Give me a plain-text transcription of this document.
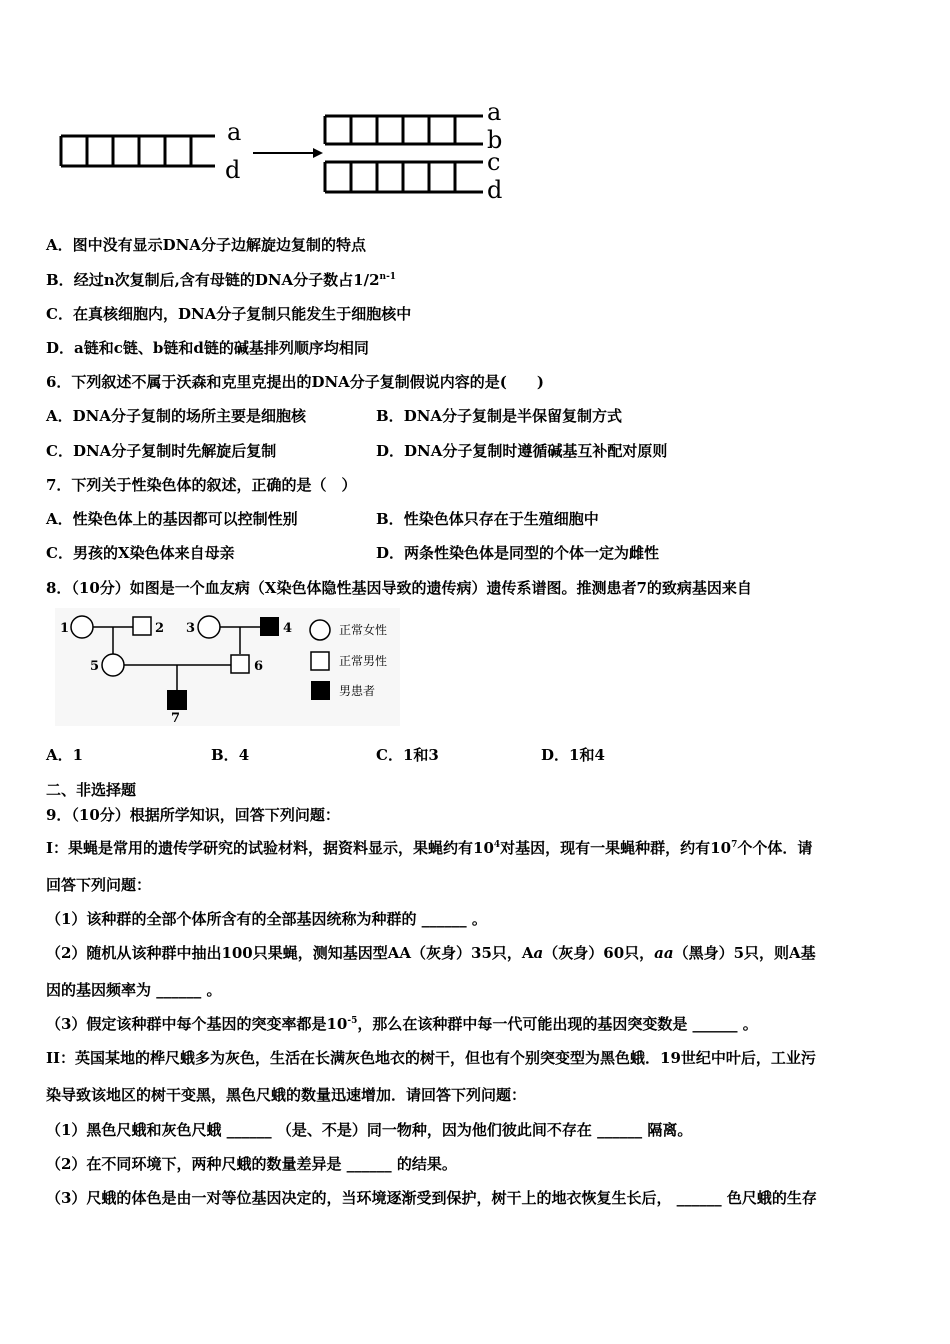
a
d
a
b
c
d
A．图中没有显示DNA分子边解旋边复制的特点
B．经过n次复制后,含有母链的DNA分子数占1/2$^{n-1}$
C．在真核细胞内，DNA分子复制只能发生于细胞核中
D．a链和c链、b链和d链的碱基排列顺序均相同
6．下列叙述不属于沃森和克里克提出的DNA分子复制假说内容的是(　　)
A．DNA分子复制的场所主要是细胞核	B．DNA分子复制是半保留复制方式
C．DNA分子复制时先解旋后复制	D．DNA分子复制时遵循碱基互补配对原则
7．下列关于性染色体的叙述，正确的是（　）
A．性染色体上的基因都可以控制性别	B．性染色体只存在于生殖细胞中
C．男孩的X染色体来自母亲	D．两条性染色体是同型的个体一定为雌性
8．（10分）如图是一个血友病（X染色体隐性基因导致的遗传病）遗传系谱图。推测患者7的致病基因来自
1	2 3	4
5	6
7
正常女性
正常男性
男患者
A．1	B．4	C．1和3	D．1和4
二、非选择题
9．（10分）根据所学知识，回答下列问题：
I：果蝇是常用的遗传学研究的试验材料，据资料显示，果蝇约有$10^4$对基因，现有一果蝇种群，约有$10^7$个个体．请
回答下列问题：
（1）该种群的全部个体所含有的全部基因统称为种群的 ______ 。
（2）随机从该种群中抽出100只果蝇，测知基因型AA（灰身）35只，Aa（灰身）60只，aa（黑身）5只，则A基
因的基因频率为 ______ 。
（3）假定该种群中每个基因的突变率都是$10^{-5}$，那么在该种群中每一代可能出现的基因突变数是 ______ 。
II：英国某地的桦尺蛾多为灰色，生活在长满灰色地衣的树干，但也有个别突变型为黑色蛾．19世纪中叶后，工业污
染导致该地区的树干变黑，黑色尺蛾的数量迅速增加．请回答下列问题：
（1）黑色尺蛾和灰色尺蛾 ______ （是、不是）同一物种，因为他们彼此间不存在 ______ 隔离。
（2）在不同环境下，两种尺蛾的数量差异是 ______ 的结果。
（3）尺蛾的体色是由一对等位基因决定的，当环境逐渐受到保护，树干上的地衣恢复生长后， ______ 色尺蛾的生存
